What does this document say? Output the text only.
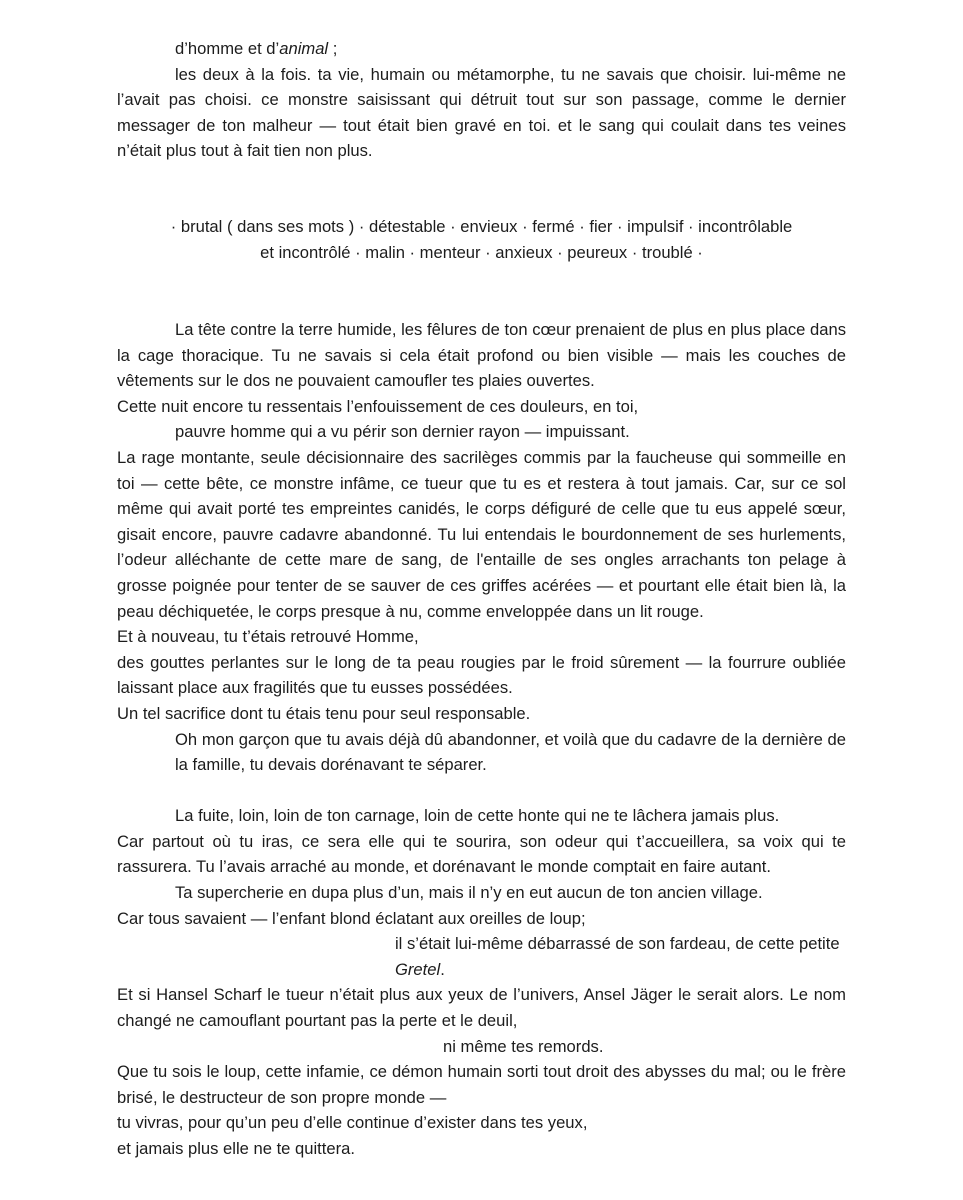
d’homme et d’animal ;

les deux à la fois. ta vie, humain ou métamorphe, tu ne savais que choisir. lui-même ne l’avait pas choisi. ce monstre saisissant qui détruit tout sur son passage, comme le dernier messager de ton malheur — tout était bien gravé en toi. et le sang qui coulait dans tes veines n’était plus tout à fait tien non plus.

· brutal ( dans ses mots ) · détestable · envieux · fermé · fier · impulsif · incontrôlable

et incontrôlé · malin · menteur · anxieux · peureux · troublé ·

La tête contre la terre humide, les fêlures de ton cœur prenaient de plus en plus place dans la cage thoracique. Tu ne savais si cela était profond ou bien visible — mais les couches de vêtements sur le dos ne pouvaient camoufler tes plaies ouvertes.

Cette nuit encore tu ressentais l’enfouissement de ces douleurs, en toi,

pauvre homme qui a vu périr son dernier rayon — impuissant.

La rage montante, seule décisionnaire des sacrilèges commis par la faucheuse qui sommeille en toi — cette bête, ce monstre infâme, ce tueur que tu es et restera à tout jamais. Car, sur ce sol même qui avait porté tes empreintes canidés, le corps défiguré de celle que tu eus appelé sœur, gisait encore, pauvre cadavre abandonné. Tu lui entendais le bourdonnement de ses hurlements, l’odeur alléchante de cette mare de sang, de l'entaille de ses ongles arrachants ton pelage à grosse poignée pour tenter de se sauver de ces griffes acérées — et pourtant elle était bien là, la peau déchiquetée, le corps presque à nu, comme enveloppée dans un lit rouge.

Et à nouveau, tu t’étais retrouvé Homme,

des gouttes perlantes sur le long de ta peau rougies par le froid sûrement — la fourrure oubliée laissant place aux fragilités que tu eusses possédées.

Un tel sacrifice dont tu étais tenu pour seul responsable.

Oh mon garçon que tu avais déjà dû abandonner, et voilà que du cadavre de la dernière de la famille, tu devais dorénavant te séparer.

La fuite, loin, loin de ton carnage, loin de cette honte qui ne te lâchera jamais plus.

Car partout où tu iras, ce sera elle qui te sourira, son odeur qui t’accueillera, sa voix qui te rassurera. Tu l’avais arraché au monde, et dorénavant le monde comptait en faire autant.

Ta supercherie en dupa plus d’un, mais il n’y en eut aucun de ton ancien village.

Car tous savaient — l’enfant blond éclatant aux oreilles de loup;

il s’était lui-même débarrassé de son fardeau, de cette petite Gretel.

Et si Hansel Scharf le tueur n’était plus aux yeux de l’univers, Ansel Jäger le serait alors. Le nom changé ne camouflant pourtant pas la perte et le deuil,

ni même tes remords.

Que tu sois le loup, cette infamie, ce démon humain sorti tout droit des abysses du mal; ou le frère brisé, le destructeur de son propre monde —

tu vivras, pour qu’un peu d’elle continue d’exister dans tes yeux,

et jamais plus elle ne te quittera.
